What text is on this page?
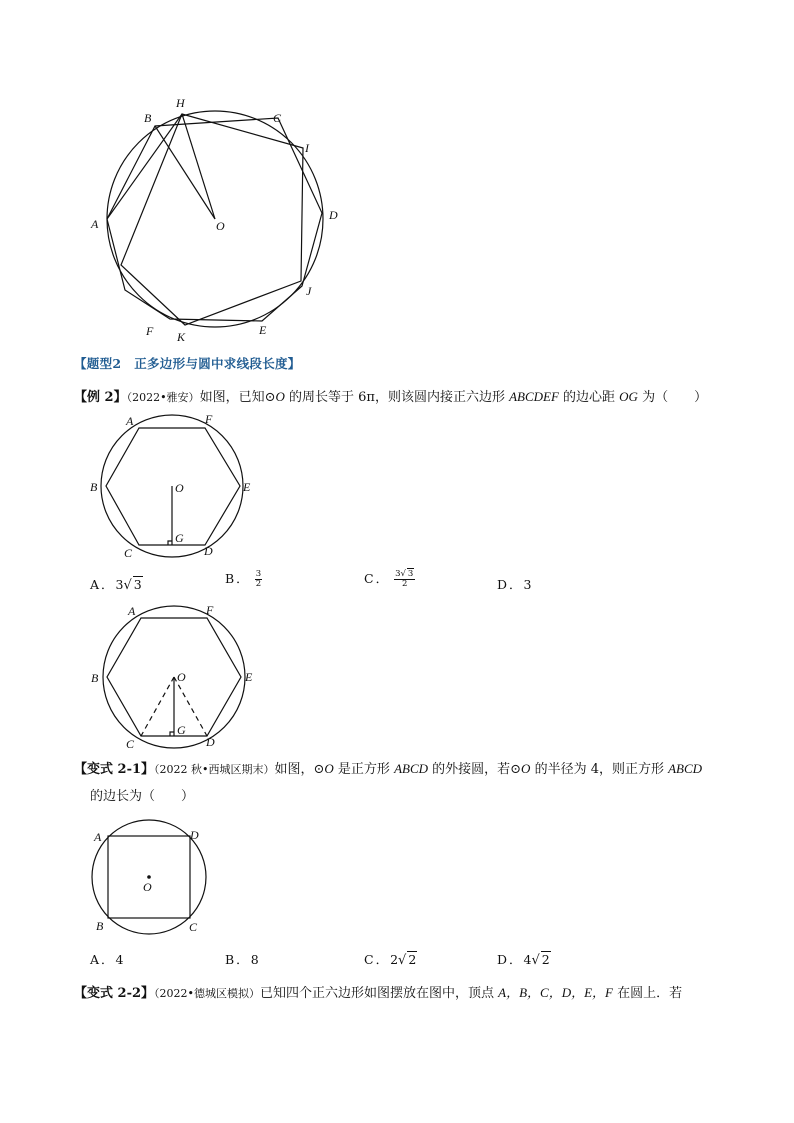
B
H
C
I
A	O
D
J
F K	E
【题型2　正多边形与圆中求线段长度】
【例 2】（2022•雅安）如图，已知⊙O 的周长等于 6π，则该圆内接正六边形 ABCDEF 的边心距 OG 为（　　）
A	F
B	O	E
C
G
D
A．3√ 3	B． $\frac{3}{2}$	C． $\frac{3√ 3}{2}$	D．3
A	F
B	O	E
C
G
D
【变式 2-1】（2022 秋•西城区期末）如图，⊙O 是正方形 ABCD 的外接圆，若⊙O 的半径为 4，则正方形 ABCD
的边长为（　　）
A	D
O
B	C
A．4	B．8	C．2√ 2	D．4√ 2
【变式 2-2】（2022•德城区模拟）已知四个正六边形如图摆放在图中，顶点 A，B，C，D，E，F 在圆上．若
